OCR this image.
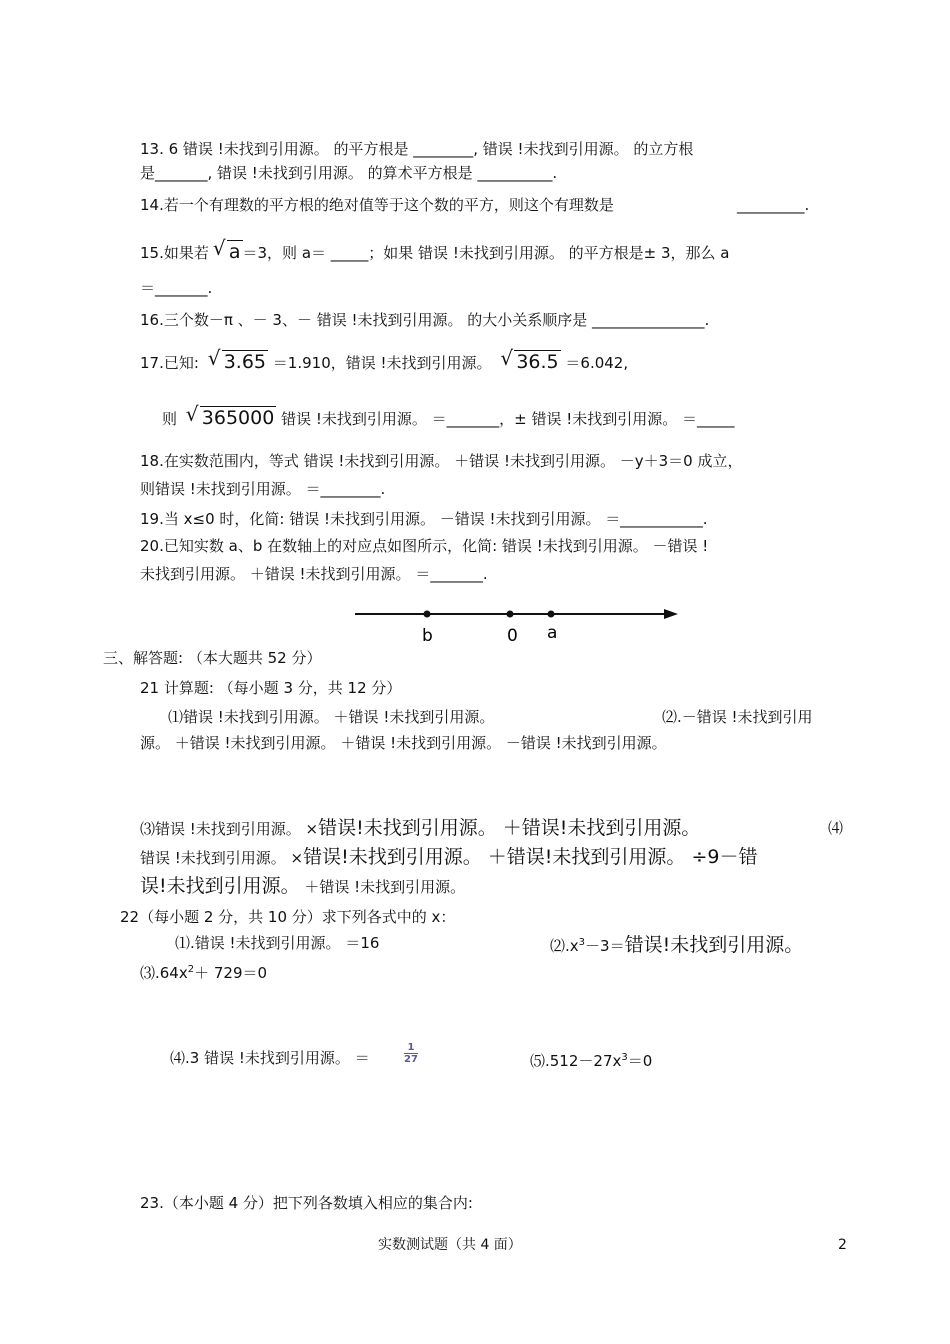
13. 6 错误 !未找到引用源。 的平方根是 ________, 错误 !未找到引用源。 的立方根
是_______, 错误 !未找到引用源。 的算术平方根是 __________.
14.若一个有理数的平方根的绝对值等于这个数的平方，则这个有理数是	_________.
15.如果若 √ a ＝3，则 a＝ _____；如果 错误 !未找到引用源。 的平方根是± 3，那么 a
＝_______.
16.三个数－π 、－ 3、－ 错误 !未找到引用源。 的大小关系顺序是 _______________.
17.已知: √ 3.65 ＝1.910，错误 !未找到引用源。 √ 36.5 ＝6.042,
则 √ 365000 错误 !未找到引用源。 ＝_______，± 错误 !未找到引用源。 ＝_____
18.在实数范围内，等式 错误 !未找到引用源。 ＋错误 !未找到引用源。 －y＋3＝0 成立，
则错误 !未找到引用源。 ＝________.
19.当 x≤0 时，化简: 错误 !未找到引用源。 －错误 !未找到引用源。 ＝___________.
20.已知实数 a、b 在数轴上的对应点如图所示，化简: 错误 !未找到引用源。 －错误 !
未找到引用源。 ＋错误 !未找到引用源。 ＝_______.
b	0 a
三、解答题: （本大题共 52 分）
21 计算题: （每小题 3 分，共 12 分）
⑴错误 !未找到引用源。 ＋错误 !未找到引用源。	⑵.－错误 !未找到引用
源。 ＋错误 !未找到引用源。 ＋错误 !未找到引用源。 －错误 !未找到引用源。
⑶错误 !未找到引用源。 ×错误!未找到引用源。 ＋错误!未找到引用源。	⑷
错误 !未找到引用源。 ×错误!未找到引用源。 ＋错误!未找到引用源。 ÷9－错
误!未找到引用源。 ＋错误 !未找到引用源。
22（每小题 2 分，共 10 分）求下列各式中的 x：
⑴.错误 !未找到引用源。 ＝16	$⑵.x^3-3=$错误!未找到引用源。
$⑶.64x^2+ 729=0$
⑷.3 错误 !未找到引用源。 ＝	$\frac{1}{27}$	$⑸.512-27x^3=0$
23.（本小题 4 分）把下列各数填入相应的集合内:
实数测试题（共 4 面）	2
